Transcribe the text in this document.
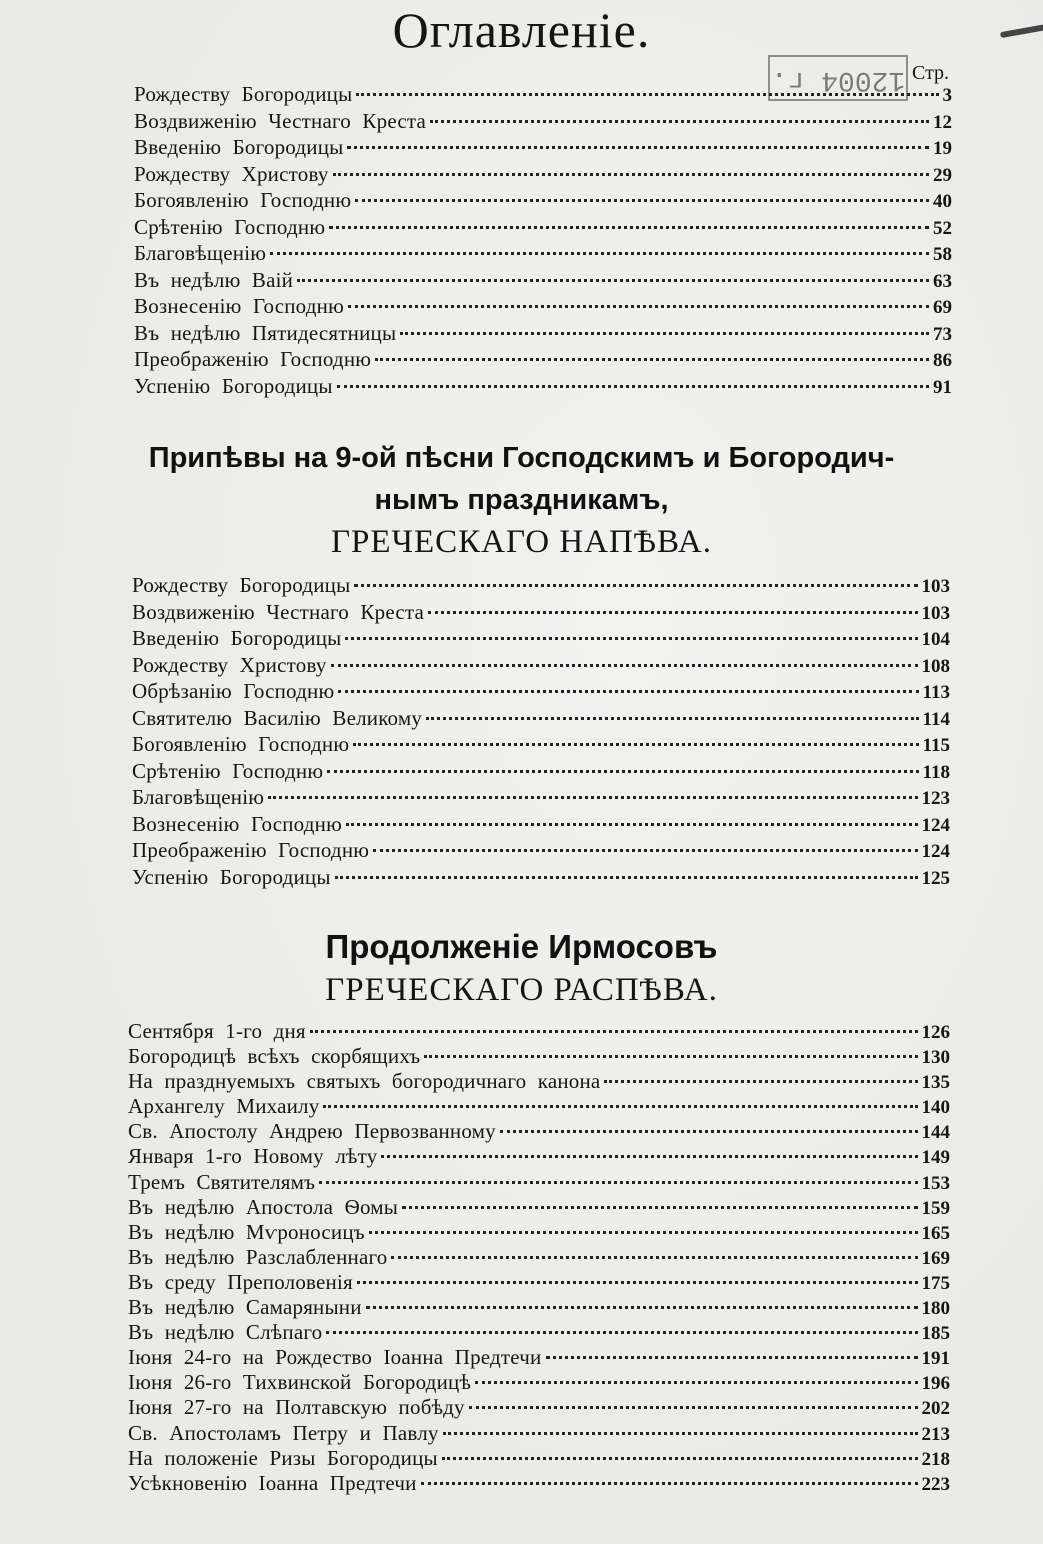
Оглавленіе.
12004 г. Стр.
Рождеству Богородицы	3
Воздвиженію Честнаго Креста	12
Введенію Богородицы	19
Рождеству Христову	29
Богоявленію Господню	40
Срѣтенію Господню	52
Благовѣщенію	58
Въ недѣлю Ваій	63
Вознесенію Господню	69
Въ недѣлю Пятидесятницы	73
Преображенію Господню	86
Успенію Богородицы	91
Припѣвы на 9-ой пѣсни Господскимъ и Богородич-
нымъ праздникамъ,
ГРЕЧЕСКАГО НАПѢВА.
Рождеству Богородицы	103
Воздвиженію Честнаго Креста	103
Введенію Богородицы	104
Рождеству Христову	108
Обрѣзанію Господню	113
Святителю Василію Великому	114
Богоявленію Господню	115
Срѣтенію Господню	118
Благовѣщенію	123
Вознесенію Господню	124
Преображенію Господню	124
Успенію Богородицы	125
Продолженіе Ирмосовъ
ГРЕЧЕСКАГО РАСПѢВА.
Сентября 1-го дня	126
Богородицѣ всѣхъ скорбящихъ	130
На празднуемыхъ святыхъ богородичнаго канона	135
Архангелу Михаилу	140
Св. Апостолу Андрею Первозванному	144
Января 1-го Новому лѣту	149
Тремъ Святителямъ	153
Въ недѣлю Апостола Ѳомы	159
Въ недѣлю Мѵроносицъ	165
Въ недѣлю Разслабленнаго	169
Въ среду Преполовенія	175
Въ недѣлю Самаряныни	180
Въ недѣлю Слѣпаго	185
Іюня 24-го на Рождество Іоанна Предтечи	191
Іюня 26-го Тихвинской Богородицѣ	196
Іюня 27-го на Полтавскую побѣду	202
Св. Апостоламъ Петру и Павлу	213
На положеніе Ризы Богородицы	218
Усѣкновенію Іоанна Предтечи	223
